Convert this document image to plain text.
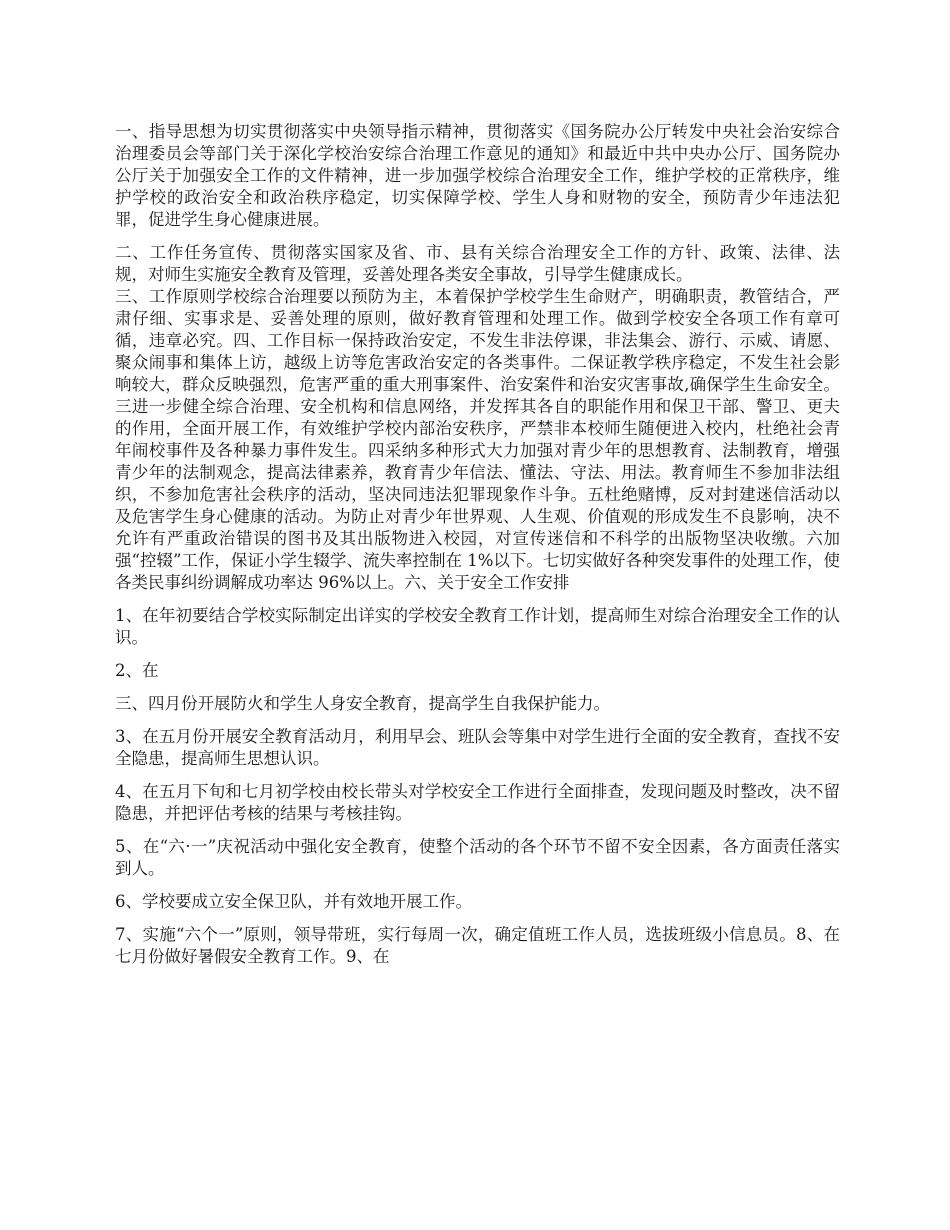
一、指导思想为切实贯彻落实中央领导指示精神，贯彻落实《国务院办公厅转发中央社会治安综合治理委员会等部门关于深化学校治安综合治理工作意见的通知》和最近中共中央办公厅、国务院办公厅关于加强安全工作的文件精神，进一步加强学校综合治理安全工作，维护学校的正常秩序，维护学校的政治安全和政治秩序稳定，切实保障学校、学生人身和财物的安全，预防青少年违法犯罪，促进学生身心健康进展。

二、工作任务宣传、贯彻落实国家及省、市、县有关综合治理安全工作的方针、政策、法律、法规，对师生实施安全教育及管理，妥善处理各类安全事故，引导学生健康成长。

三、工作原则学校综合治理要以预防为主，本着保护学校学生生命财产，明确职责，教管结合，严肃仔细、实事求是、妥善处理的原则，做好教育管理和处理工作。做到学校安全各项工作有章可循，违章必究。四、工作目标一保持政治安定，不发生非法停课，非法集会、游行、示威、请愿、聚众闹事和集体上访，越级上访等危害政治安定的各类事件。二保证教学秩序稳定，不发生社会影响较大，群众反映强烈，危害严重的重大刑事案件、治安案件和治安灾害事故,确保学生生命安全。三进一步健全综合治理、安全机构和信息网络，并发挥其各自的职能作用和保卫干部、警卫、更夫的作用，全面开展工作，有效维护学校内部治安秩序，严禁非本校师生随便进入校内，杜绝社会青年闹校事件及各种暴力事件发生。四采纳多种形式大力加强对青少年的思想教育、法制教育，增强青少年的法制观念，提高法律素养，教育青少年信法、懂法、守法、用法。教育师生不参加非法组织，不参加危害社会秩序的活动，坚决同违法犯罪现象作斗争。五杜绝赌博，反对封建迷信活动以及危害学生身心健康的活动。为防止对青少年世界观、人生观、价值观的形成发生不良影响，决不允许有严重政治错误的图书及其出版物进入校园，对宣传迷信和不科学的出版物坚决收缴。六加强“控辍”工作，保证小学生辍学、流失率控制在 1%以下。七切实做好各种突发事件的处理工作，使各类民事纠纷调解成功率达 96%以上。六、关于安全工作安排

1、在年初要结合学校实际制定出详实的学校安全教育工作计划，提高师生对综合治理安全工作的认识。

2、在

三、四月份开展防火和学生人身安全教育，提高学生自我保护能力。

3、在五月份开展安全教育活动月，利用早会、班队会等集中对学生进行全面的安全教育，查找不安全隐患，提高师生思想认识。

4、在五月下旬和七月初学校由校长带头对学校安全工作进行全面排查，发现问题及时整改，决不留隐患，并把评估考核的结果与考核挂钩。

5、在“六·一”庆祝活动中强化安全教育，使整个活动的各个环节不留不安全因素，各方面责任落实到人。

6、学校要成立安全保卫队，并有效地开展工作。

7、实施“六个一”原则，领导带班，实行每周一次，确定值班工作人员，选拔班级小信息员。8、在七月份做好暑假安全教育工作。9、在
